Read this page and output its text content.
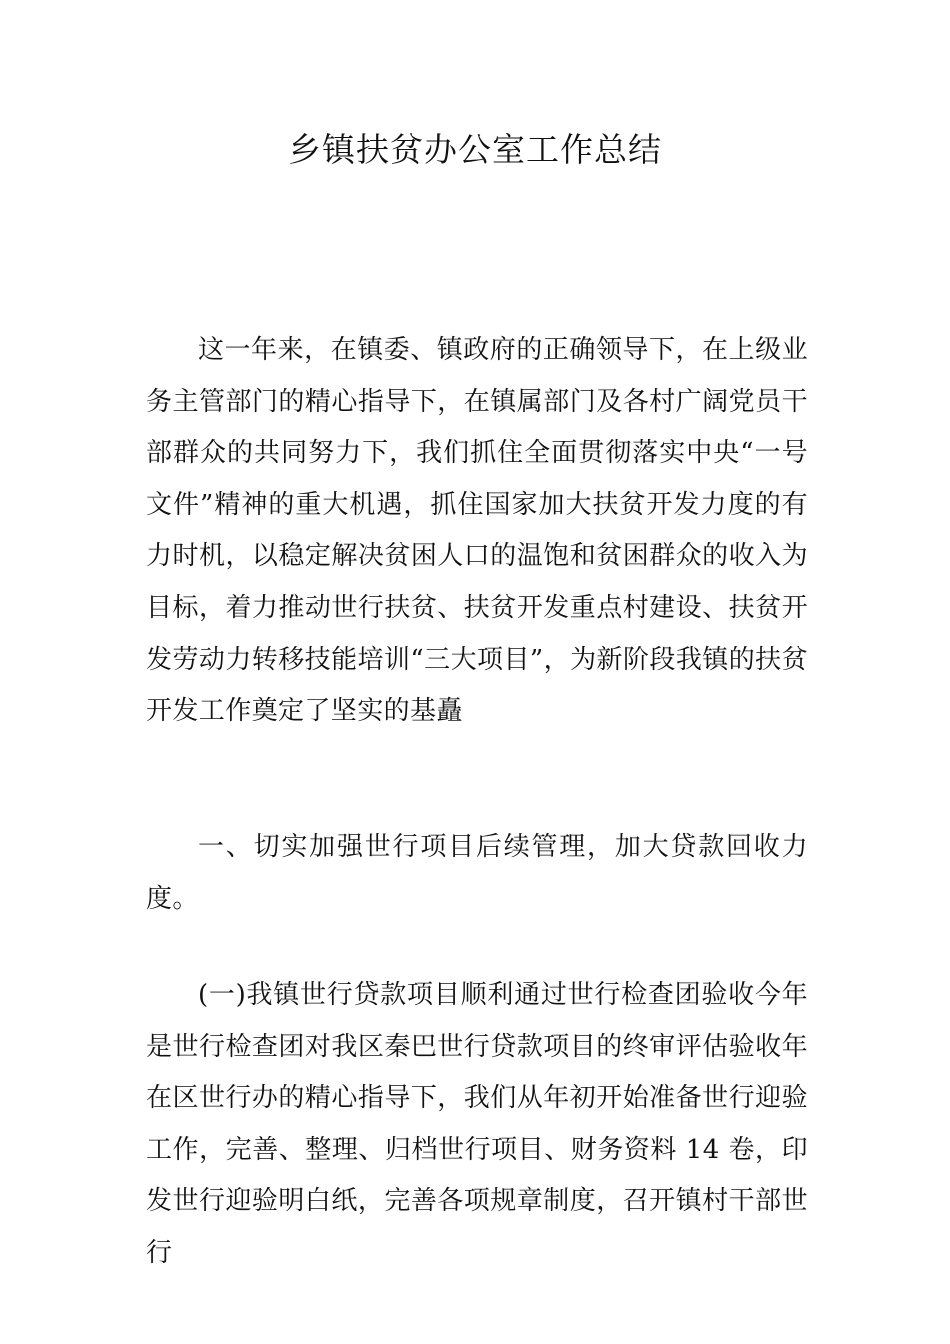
乡镇扶贫办公室工作总结

这一年来，在镇委、镇政府的正确领导下，在上级业务主管部门的精心指导下，在镇属部门及各村广阔党员干部群众的共同努力下，我们抓住全面贯彻落实中央“一号文件”精神的重大机遇，抓住国家加大扶贫开发力度的有力时机，以稳定解决贫困人口的温饱和贫困群众的收入为目标，着力推动世行扶贫、扶贫开发重点村建设、扶贫开发劳动力转移技能培训“三大项目”，为新阶段我镇的扶贫开发工作奠定了坚实的基矗

一、切实加强世行项目后续管理，加大贷款回收力度。

(一)我镇世行贷款项目顺利通过世行检查团验收今年是世行检查团对我区秦巴世行贷款项目的终审评估验收年在区世行办的精心指导下，我们从年初开始准备世行迎验工作，完善、整理、归档世行项目、财务资料 14 卷，印发世行迎验明白纸，完善各项规章制度，召开镇村干部世行
